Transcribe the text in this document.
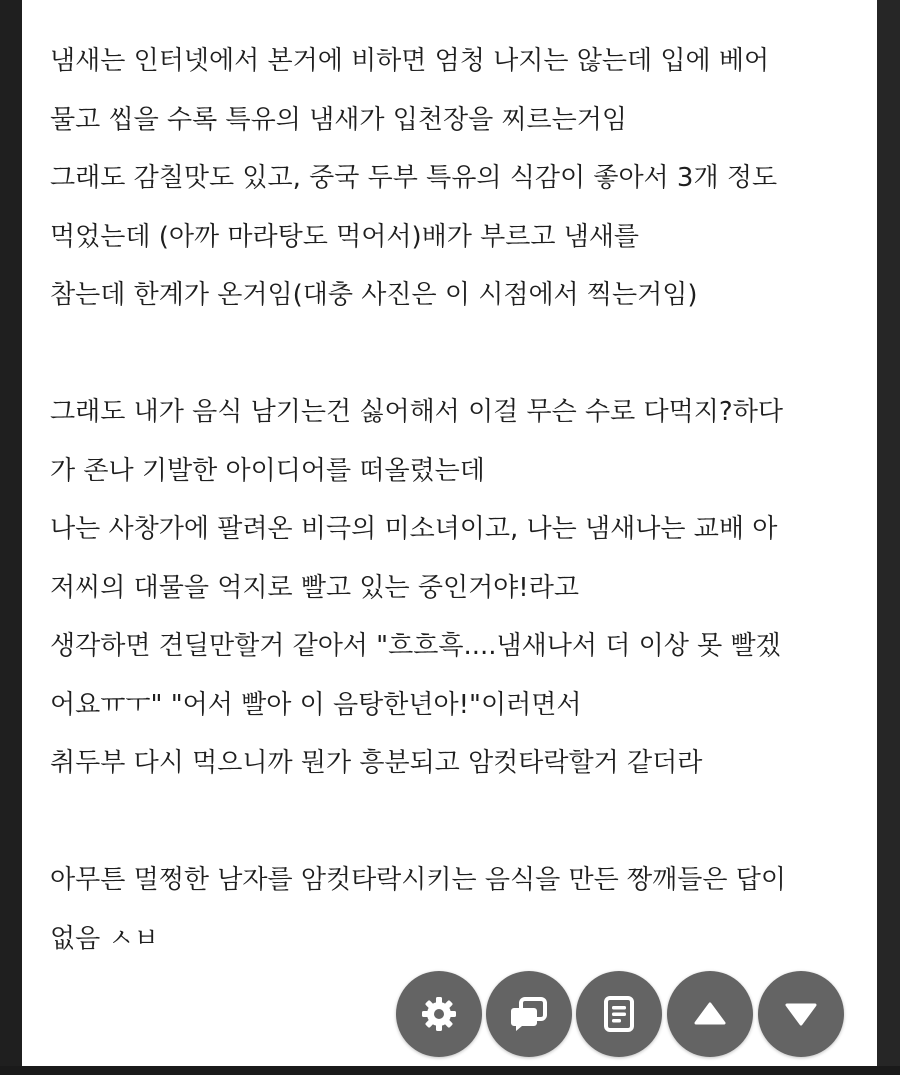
냄새는 인터넷에서 본거에 비하면 엄청 나지는 않는데 입에 베어
물고 씹을 수록 특유의 냄새가 입천장을 찌르는거임
그래도 감칠맛도 있고, 중국 두부 특유의 식감이 좋아서 3개 정도
먹었는데 (아까 마라탕도 먹어서)배가 부르고 냄새를
참는데 한계가 온거임(대충 사진은 이 시점에서 찍는거임)
그래도 내가 음식 남기는건 싫어해서 이걸 무슨 수로 다먹지?하다
가 존나 기발한 아이디어를 떠올렸는데
나는 사창가에 팔려온 비극의 미소녀이고, 나는 냄새나는 교배 아
저씨의 대물을 억지로 빨고 있는 중인거야!라고
생각하면 견딜만할거 같아서 "흐흐흑....냄새나서 더 이상 못 빨겠
어요ㅠㅜ" "어서 빨아 이 음탕한년아!"이러면서
취두부 다시 먹으니까 뭔가 흥분되고 암컷타락할거 같더라
아무튼 멀쩡한 남자를 암컷타락시키는 음식을 만든 짱깨들은 답이
없음 ㅅㅂ
